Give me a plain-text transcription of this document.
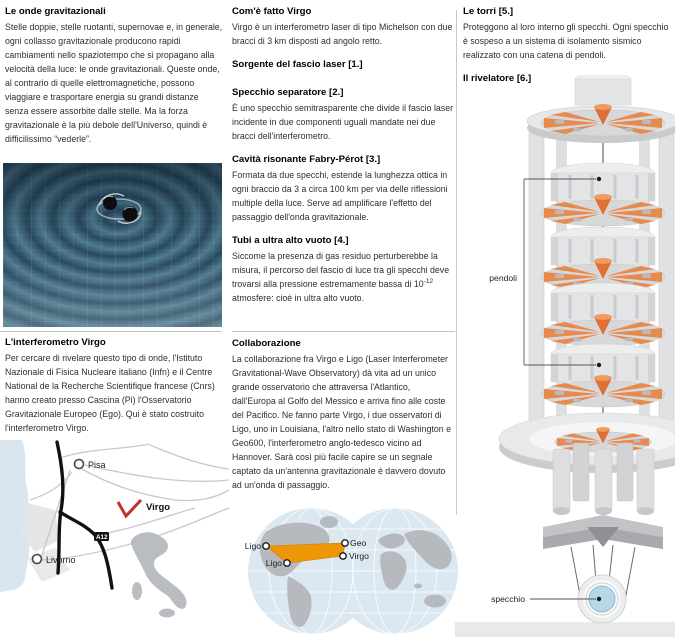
Le onde gravitazionali
Stelle doppie, stelle ruotanti, supernovae e, in generale, ogni collasso gravitazionale producono rapidi cambiamenti nello spaziotempo che si propagano alla velocità della luce: le onde gravitazionali. Queste onde, al contrario di quelle elettromagnetiche, possono viaggiare e trasportare energia su grandi distanze senza essere assorbite dalle stelle. Ma la forza gravitazionale è la più debole dell'Universo, quindi è difficilissimo “vederle”.
L'interferometro Virgo
Per cercare di rivelare questo tipo di onde, l'Istituto Nazionale di Fisica Nucleare italiano (Infn) e il Centre National de la Recherche Scientifique francese (Cnrs) hanno creato presso Cascina (Pi) l'Osservatorio Gravitazionale Europeo (Ego). Qui è stato costruito l'interferometro Virgo.
A12
Pisa
Livorno
Virgo
Com'è fatto Virgo
Virgo è un interferometro laser di tipo Michelson con due bracci di 3 km disposti ad angolo retto.
Sorgente del fascio laser [1.]
Specchio separatore [2.]
È uno specchio semitrasparente che divide il fascio laser incidente in due componenti uguali mandate nei due bracci dell'interferometro.
Cavità risonante Fabry-Pérot [3.]
Formata da due specchi, estende la lunghezza ottica in ogni braccio da 3 a circa 100 km per via delle riflessioni multiple della luce. Serve ad amplificare l'effetto del passaggio dell'onda gravitazionale.
Tubi a ultra alto vuoto [4.]
Siccome la presenza di gas residuo perturberebbe la misura, il percorso del fascio di luce tra gli specchi deve trovarsi alla pressione estremamente bassa di $10^{-12}$ atmosfere: cioè in ultra alto vuoto.
Collaborazione
La collaborazione fra Virgo e Ligo (Laser Interferometer Gravitational-Wave Observatory) dà vita ad un unico grande osservatorio che attraversa l'Atlantico, dall'Europa al Golfo del Messico e arriva fino alle coste del Pacifico. Ne fanno parte Virgo, i due osservatori di Ligo, uno in Louisiana, l'altro nello stato di Washington e Geo600, l'interferometro anglo-tedesco vicino ad Hannover. Sarà così più facile capire se un segnale captato da un'antenna gravitazionale è davvero dovuto ad un'onda di passaggio.
Ligo
Ligo
Geo
Virgo
Le torri [5.]
Proteggono al loro interno gli specchi. Ogni specchio è sospeso a un sistema di isolamento sismico realizzato con una catena di pendoli.
Il rivelatore [6.]
pendoli
specchio
